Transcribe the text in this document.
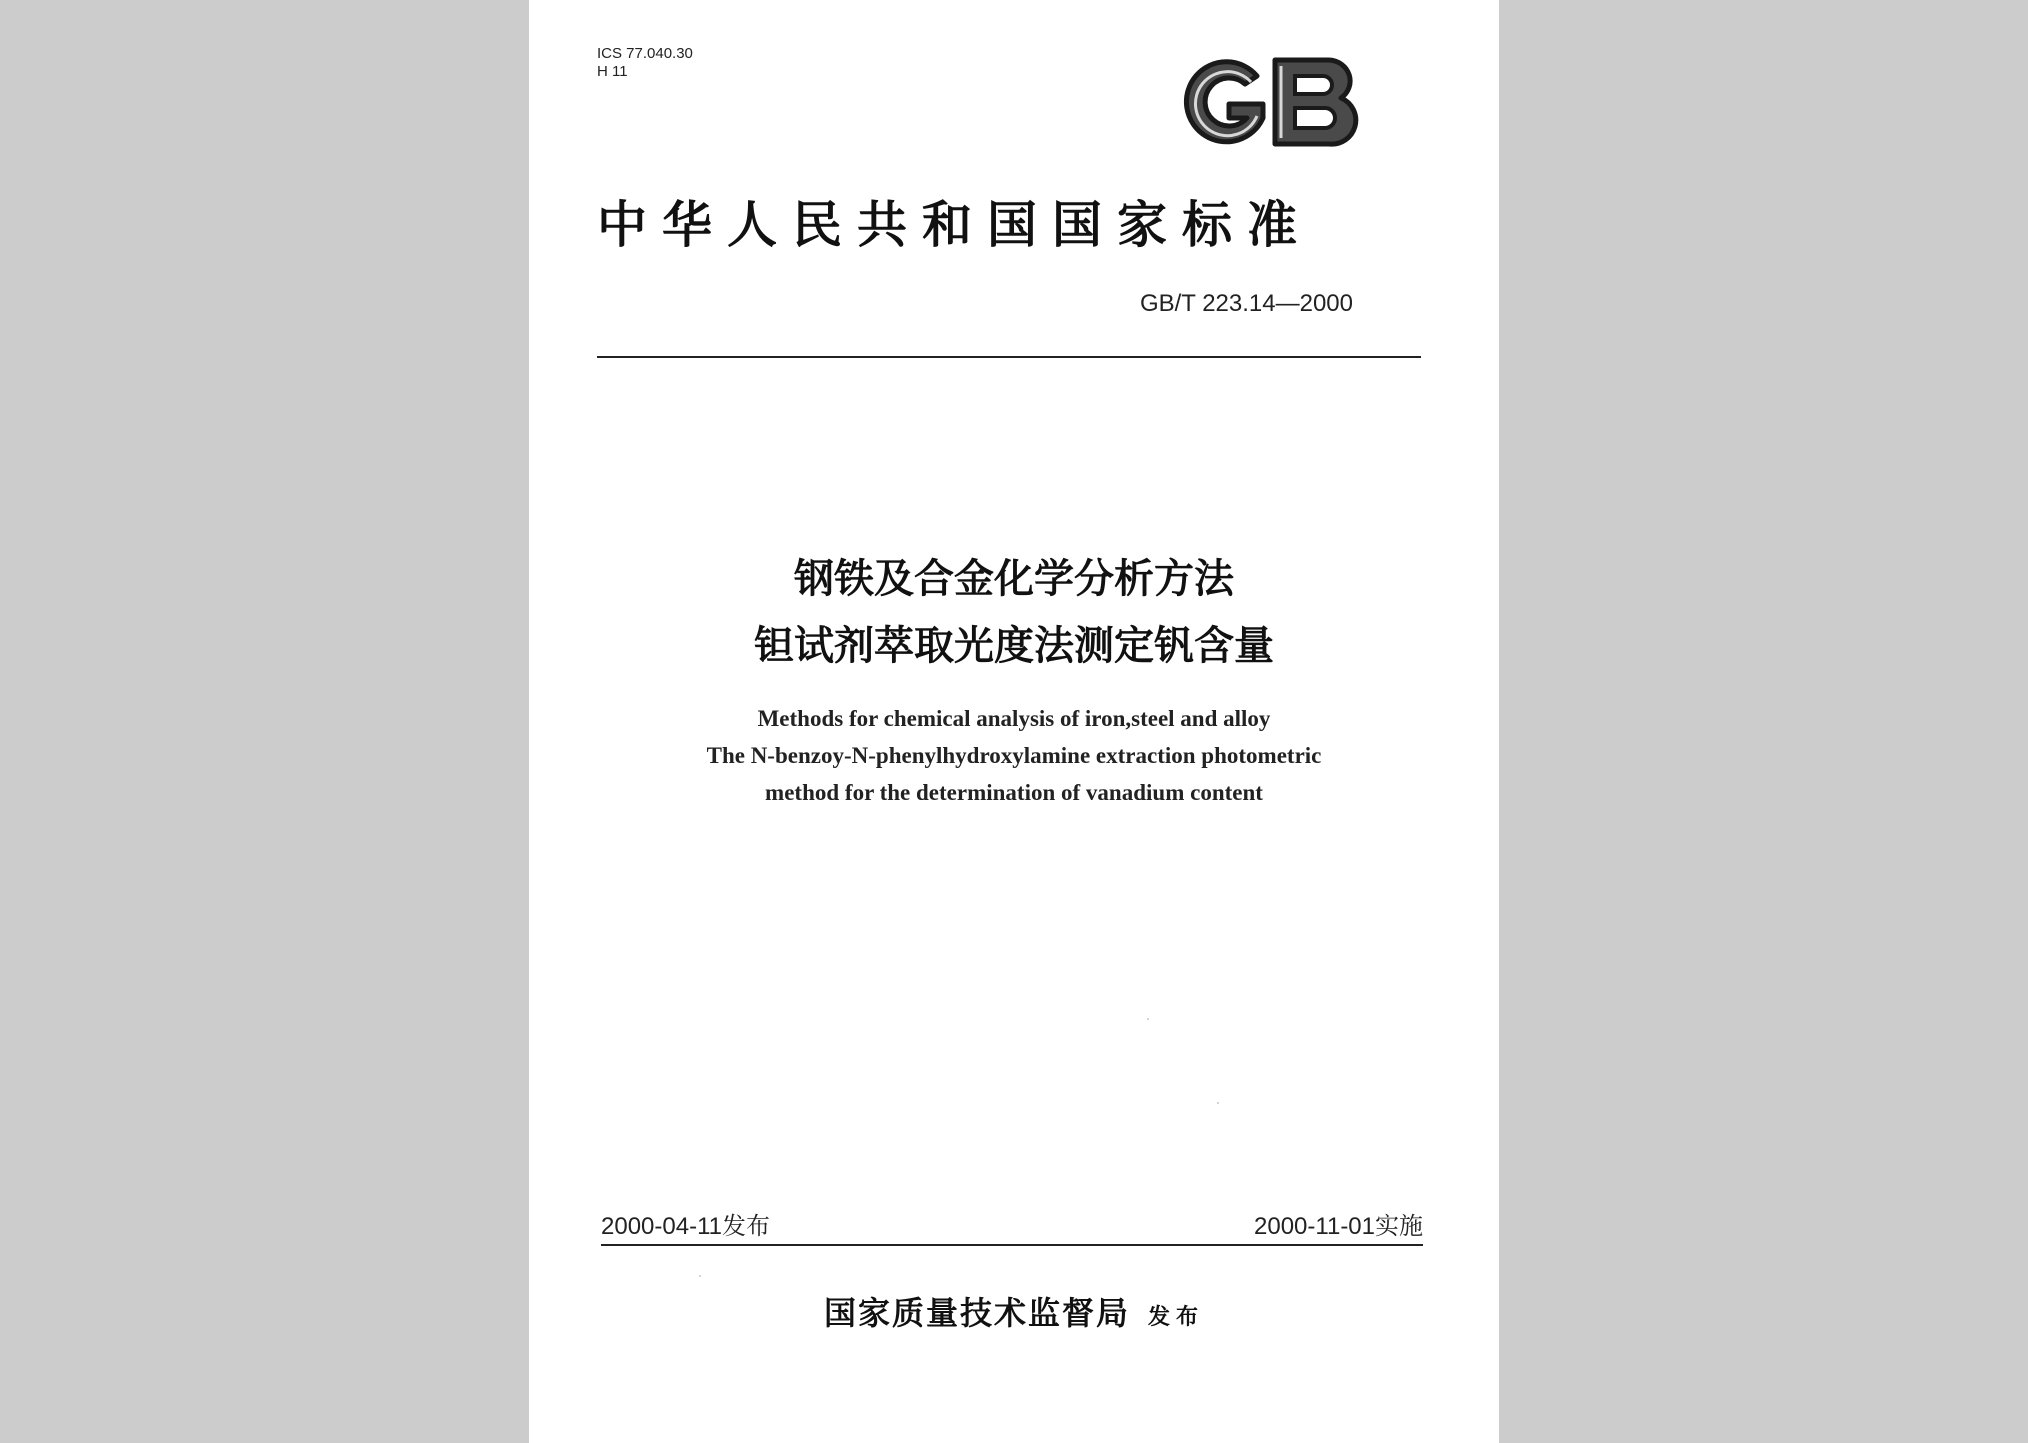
ICS 77.040.30
H 11
GB
中华人民共和国国家标准
GB/T 223.14—2000
钢铁及合金化学分析方法
钽试剂萃取光度法测定钒含量
Methods for chemical analysis of iron,steel and alloy
The N-benzoy-N-phenylhydroxylamine extraction photometric
method for the determination of vanadium content
2000-04-11发布	2000-11-01实施
国家质量技术监督局 发布
